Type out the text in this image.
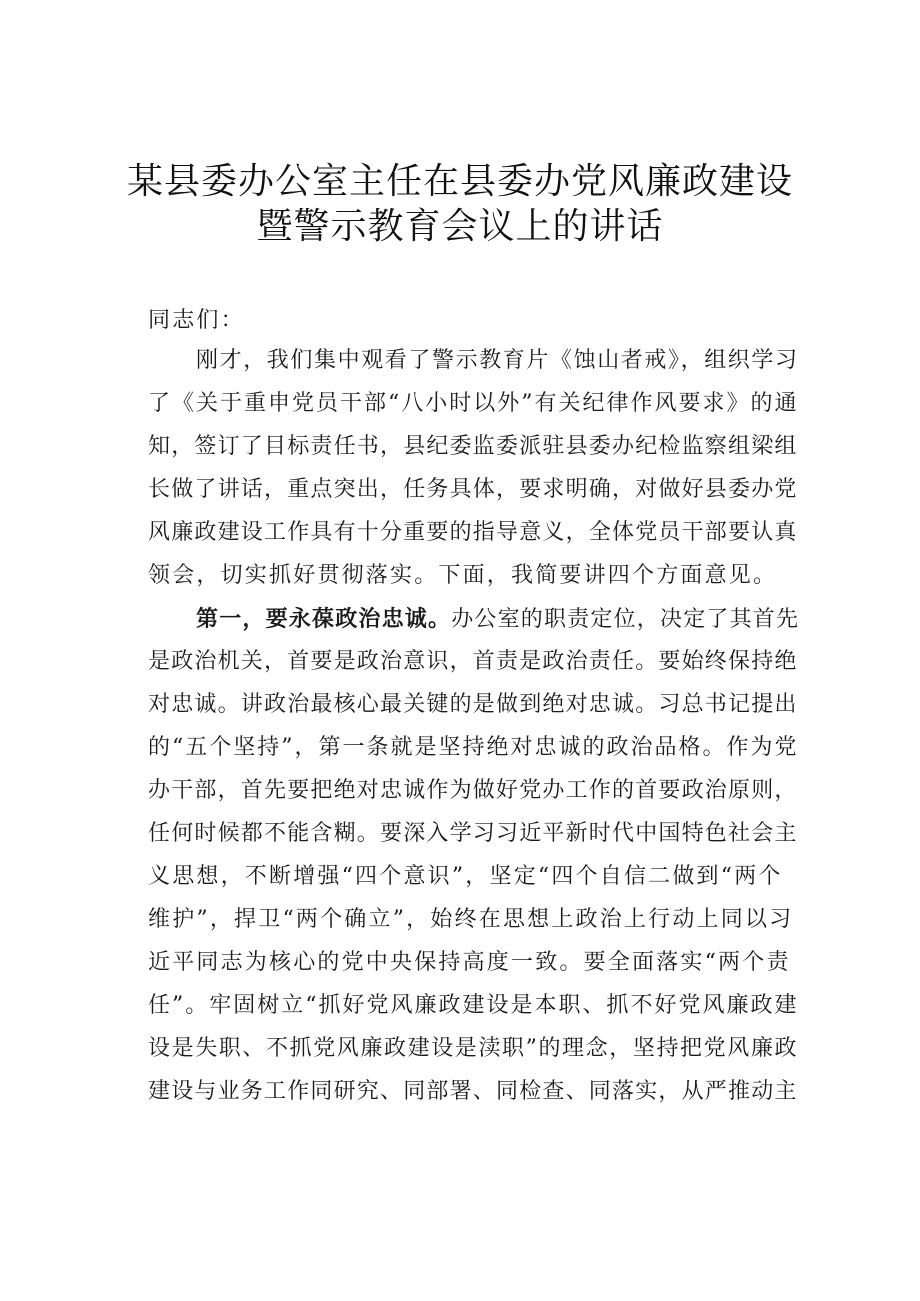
某县委办公室主任在县委办党风廉政建设
暨警示教育会议上的讲话
同志们：
刚才，我们集中观看了警示教育片《蚀山者戒》，组织学习
了《关于重申党员干部“八小时以外”有关纪律作风要求》的通
知，签订了目标责任书，县纪委监委派驻县委办纪检监察组梁组
长做了讲话，重点突出，任务具体，要求明确，对做好县委办党
风廉政建设工作具有十分重要的指导意义，全体党员干部要认真
领会，切实抓好贯彻落实。下面，我简要讲四个方面意见。
第一，要永葆政治忠诚。办公室的职责定位，决定了其首先
是政治机关，首要是政治意识，首责是政治责任。要始终保持绝
对忠诚。讲政治最核心最关键的是做到绝对忠诚。习总书记提出
的“五个坚持”，第一条就是坚持绝对忠诚的政治品格。作为党
办干部，首先要把绝对忠诚作为做好党办工作的首要政治原则，
任何时候都不能含糊。要深入学习习近平新时代中国特色社会主
义思想，不断增强“四个意识”，坚定“四个自信二做到“两个
维护”，捍卫“两个确立”，始终在思想上政治上行动上同以习
近平同志为核心的党中央保持高度一致。要全面落实“两个责
任”。牢固树立“抓好党风廉政建设是本职、抓不好党风廉政建
设是失职、不抓党风廉政建设是渎职”的理念，坚持把党风廉政
建设与业务工作同研究、同部署、同检查、同落实，从严推动主
